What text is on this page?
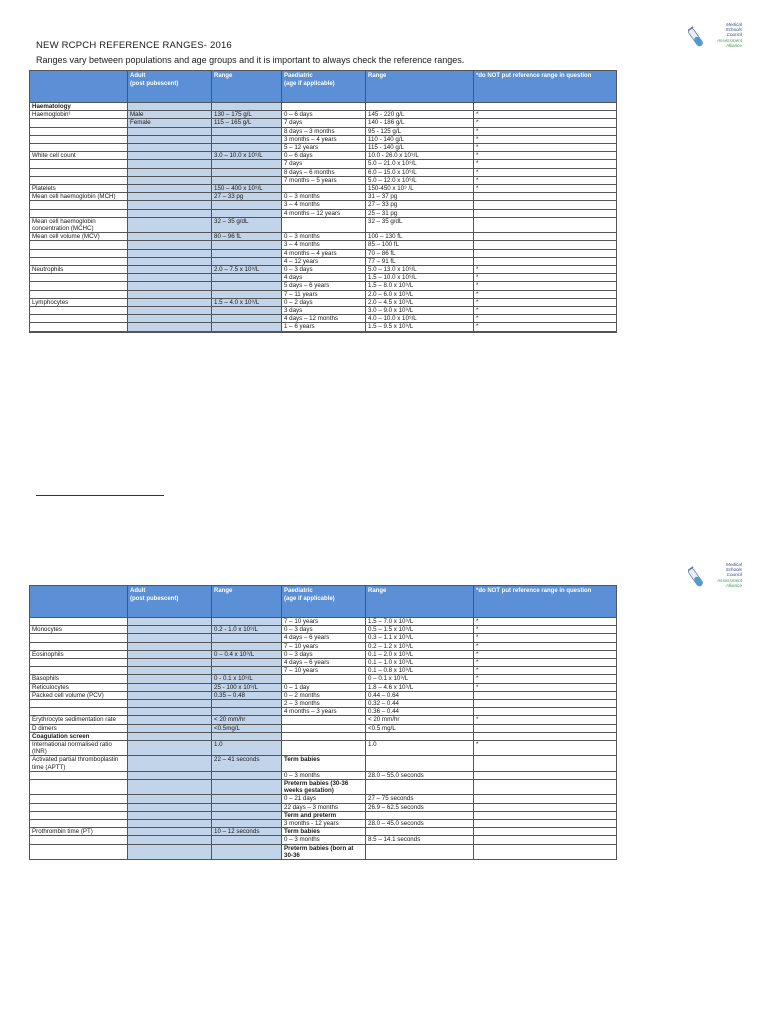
NEW RCPCH REFERENCE RANGES- 2016
Ranges vary between populations and age groups and it is important to always check the reference ranges.
Medical
Schools
Council
Assessment
Alliance
	Adult
(post pubescent)	Range	Paediatric
(age if applicable)	Range	*do NOT put reference range in question
Haematology					
Haemoglobin¹	Male	130 – 175 g/L	0 – 6 days	145 - 220 g/L	*
	Female	115 – 165 g/L	7 days	140 - 186 g/L	*
			8 days – 3 months	95 - 125 g/L	*
			3 months – 4 years	110 - 140 g/L	*
			5 – 12 years	115 - 140 g/L	*
White cell count		3.0 – 10.0 x 10⁹/L	0 – 6 days	10.0 - 26.0 x 10⁹/L	*
			7 days	5.0 – 21.0 x 10⁹/L	*
			8 days – 6 months	6.0 – 15.0 x 10⁹/L	*
			7 months – 5 years	5.0 – 12.0 x 10⁹/L	*
Platelets		150 – 400 x 10⁹/L		150-450 x 10⁹ /L	*
Mean cell haemoglobin (MCH)		27 – 33 pg	0 – 3 months	31 – 37 pg	
			3 – 4 months	27 – 33 pg	
			4 months – 12 years	25 – 31 pg	
Mean cell haemoglobin concentration (MCHC)		32 – 35 g/dL		32 – 35 g/dL	
Mean cell volume (MCV)		80 – 96 fL	0 – 3 months	100 – 130 fL	
			3 – 4 months	85 – 100 fL	
			4 months – 4 years	70 – 86 fL	
			4 – 12 years	77 – 91 fL	
Neutrophils		2.0 – 7.5 x 10⁹/L	0 – 3 days	5.0 – 13.0 x 10⁹/L	*
			4 days	1.5 – 10.0 x 10⁹/L	*
			5 days – 6 years	1.5 – 8.0 x 10⁹/L	*
			7 – 11 years	2.0 – 6.0 x 10⁹/L	*
Lymphocytes		1.5 – 4.0 x 10⁹/L	0 – 2 days	2.0 – 4.5 x 10⁹/L	*
			3 days	3.0 – 9.0 x 10⁹/L	*
			4 days – 12 months	4.0 – 10.0 x 10⁹/L	*
			1 – 6 years	1.5 – 9.5 x 10⁹/L	*

Medical
Schools
Council
Assessment
Alliance
	Adult
(post pubescent)	Range	Paediatric
(age if applicable)	Range	*do NOT put reference range in question
			7 – 10 years	1.5 – 7.0 x 10⁹/L	*
Monocytes		0.2 - 1.0 x 10⁹/L	0 – 3 days	0.5 – 1.5 x 10⁹/L	*
			4 days – 6 years	0.3 – 1.1 x 10⁹/L	*
			7 – 10 years	0.2 – 1.2 x 10⁹/L	*
Eosinophils		0 – 0.4 x 10⁹/L	0 – 3 days	0.1 – 2.0 x 10⁹/L	*
			4 days – 6 years	0.1 – 1.0 x 10⁹/L	*
			7 – 10 years	0.1 – 0.8 x 10⁹/L	*
Basophils		0 - 0.1 x 10⁹/L		0 – 0.1 x 10⁹/L	*
Reticulocytes		25 - 100 x 10⁹/L	0 – 1 day	1.8 – 4.6 x 10⁹/L	*
Packed cell volume (PCV)		0.35 – 0.48	0 – 2 months	0.44 – 0.64	
			2 – 3 months	0.32 – 0.44	
			4 months – 3 years	0.36 – 0.44	
Erythrocyte sedimentation rate		< 20 mm/hr		< 20 mm/hr	*
D dimers		<0.5mg/L		<0.5 mg/L	
Coagulation screen					
International normalised ratio (INR)		1.0		1.0	*
Activated partial thromboplastin time (APTT)		22 – 41 seconds	Term babies		
			0 – 3 months	28.0 – 55.0 seconds	
			Preterm babies (30-36 weeks gestation)		
			0 – 21 days	27 – 75 seconds	
			22 days – 3 months	26.9 – 62.5 seconds	
			Term and preterm		
			3 months - 12 years	28.0 – 45.0 seconds	
Prothrombin time (PT)		10 – 12 seconds	Term babies		
			0 – 3 months	8.5 – 14.1 seconds	
			Preterm babies (born at 30-36		
